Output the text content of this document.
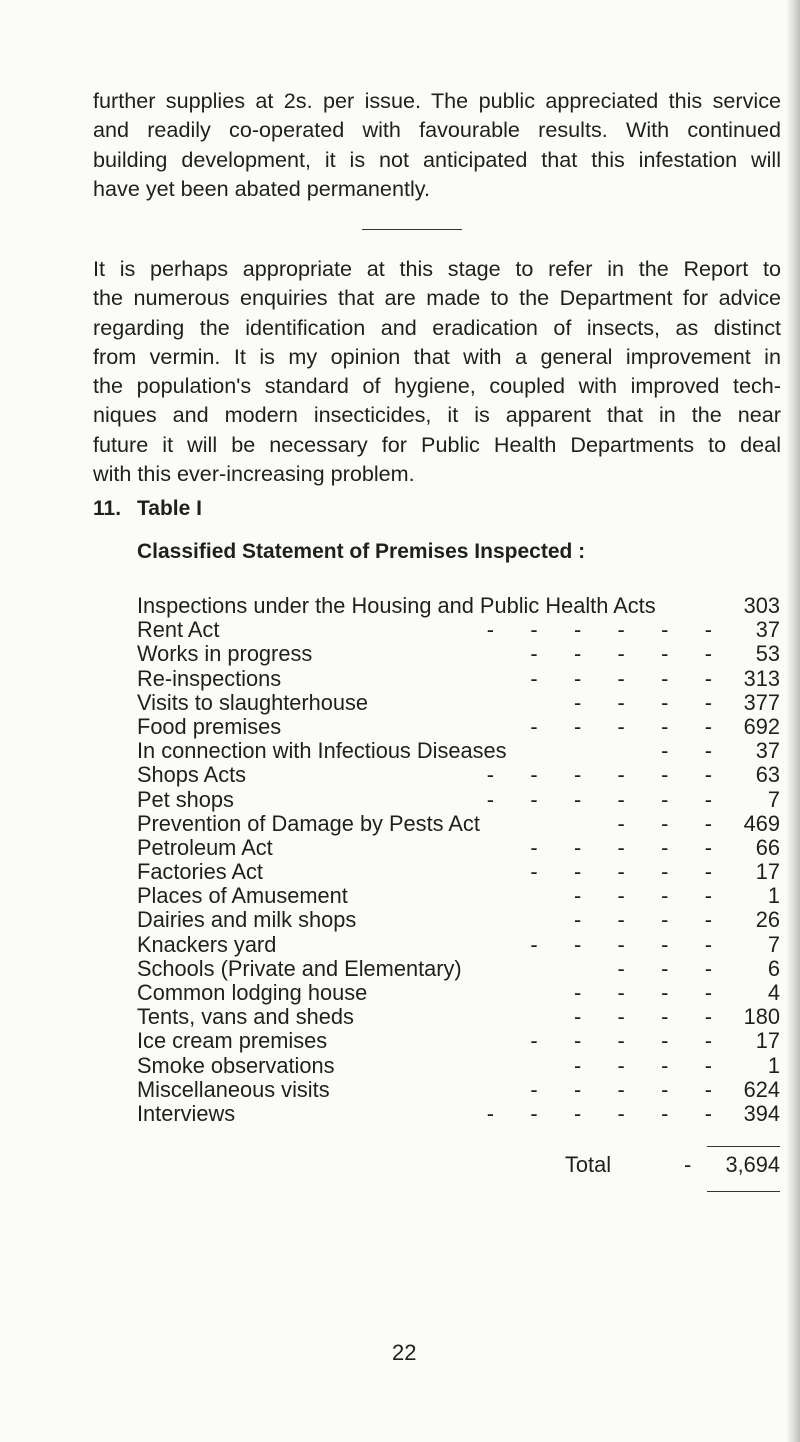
further supplies at 2s. per issue. The public appreciated this service
and readily co-operated with favourable results. With continued
building development, it is not anticipated that this infestation will
have yet been abated permanently.

It is perhaps appropriate at this stage to refer in the Report to
the numerous enquiries that are made to the Department for advice
regarding the identification and eradication of insects, as distinct
from vermin. It is my opinion that with a general improvement in
the population's standard of hygiene, coupled with improved tech-
niques and modern insecticides, it is apparent that in the near
future it will be necessary for Public Health Departments to deal
with this ever-increasing problem.

11. Table I
Classified Statement of Premises Inspected :
Inspections under the Housing and Public Health Acts	303
Rent Act	-      -      -      -      -      -	37
Works in progress	-      -      -      -      -	53
Re-inspections	-      -      -      -      -	313
Visits to slaughterhouse	-      -      -      -	377
Food premises	-      -      -      -      -	692
In connection with Infectious Diseases	-      -	37
Shops Acts	-      -      -      -      -      -	63
Pet shops	-      -      -      -      -      -	7
Prevention of Damage by Pests Act	-      -      -	469
Petroleum Act	-      -      -      -      -	66
Factories Act	-      -      -      -      -	17
Places of Amusement	-      -      -      -	1
Dairies and milk shops	-      -      -      -	26
Knackers yard	-      -      -      -      -	7
Schools (Private and Elementary)	-      -      -	6
Common lodging house	-      -      -      -	4
Tents, vans and sheds	-      -      -      -	180
Ice cream premises	-      -      -      -      -	17
Smoke observations	-      -      -      -	1
Miscellaneous visits	-      -      -      -      -	624
Interviews	-      -      -      -      -      -	394
Total	- 3,694
22
